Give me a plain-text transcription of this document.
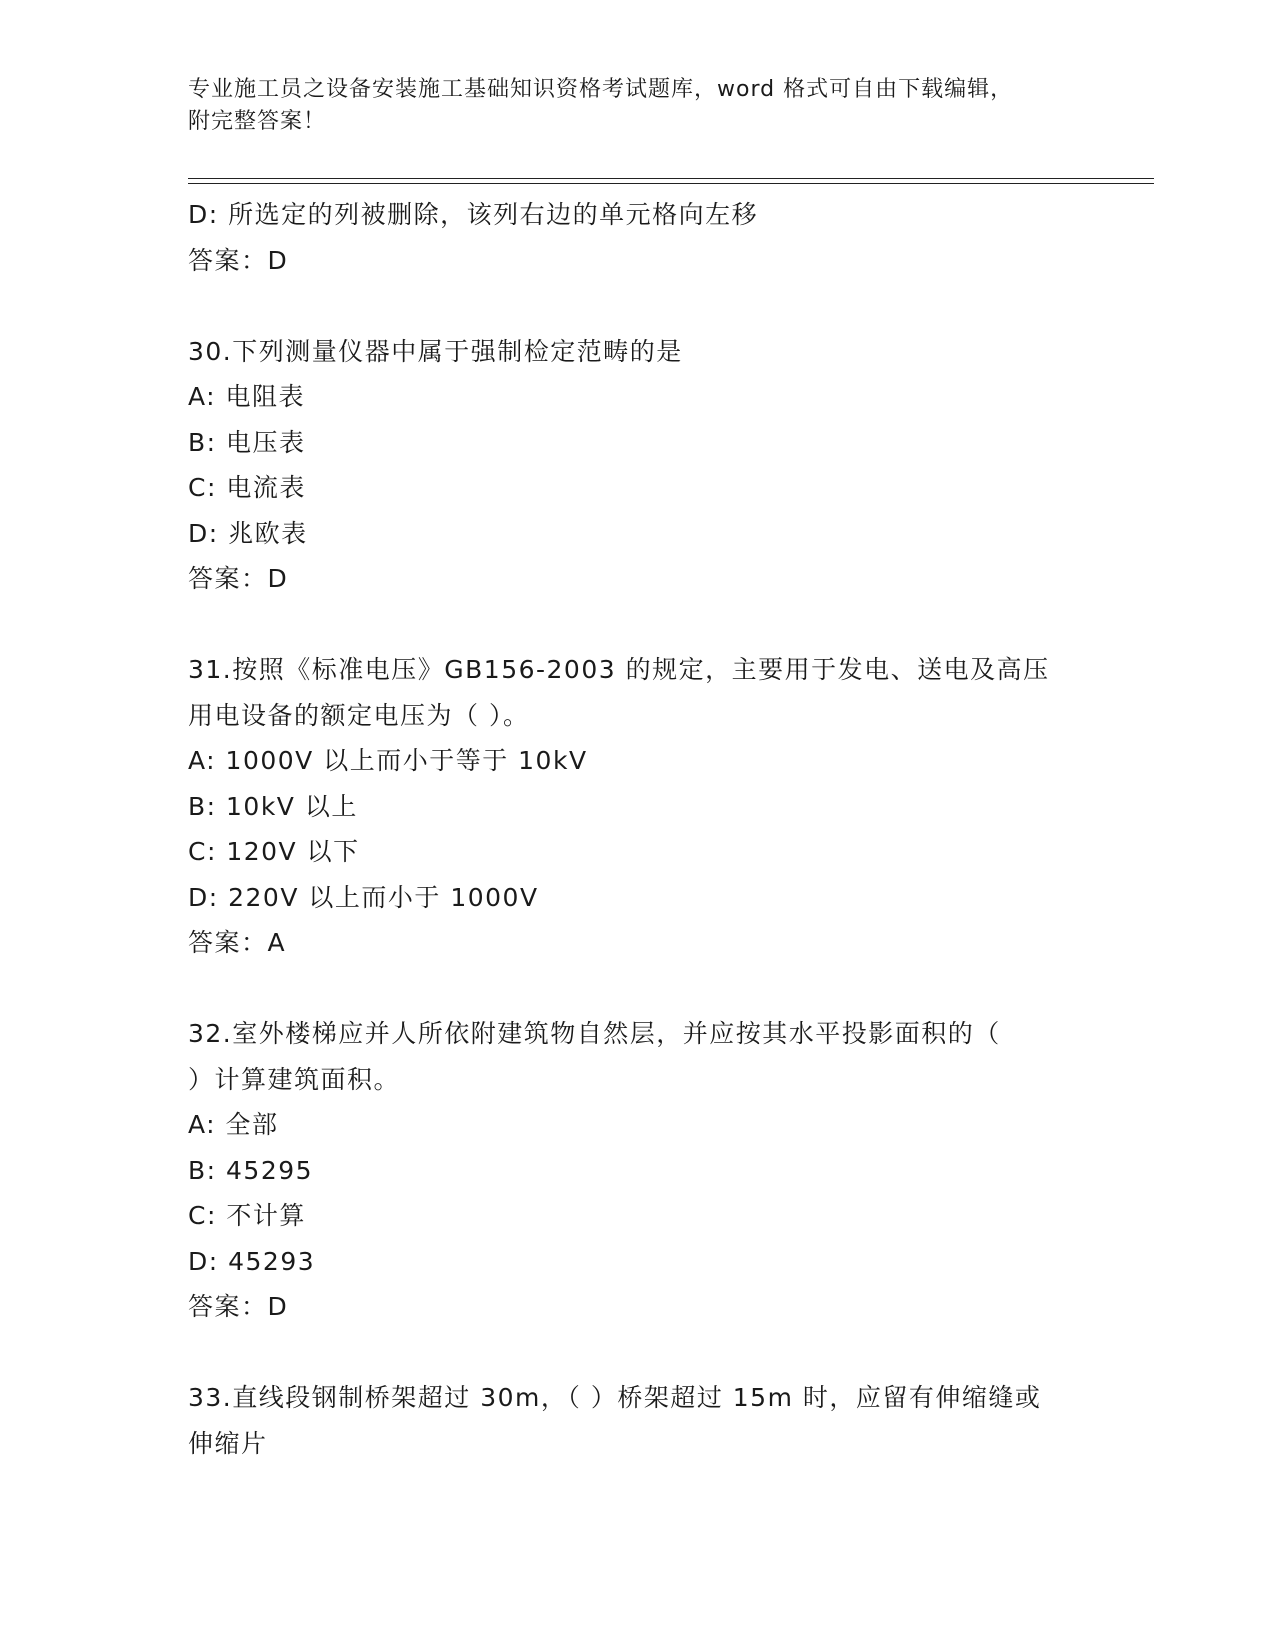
专业施工员之设备安装施工基础知识资格考试题库，word 格式可自由下载编辑，
附完整答案！
D: 所选定的列被删除，该列右边的单元格向左移
答案：D
30.下列测量仪器中属于强制检定范畴的是
A: 电阻表
B: 电压表
C: 电流表
D: 兆欧表
答案：D
31.按照《标准电压》GB156-2003 的规定，主要用于发电、送电及高压
用电设备的额定电压为（ ）。
A: 1000V 以上而小于等于 10kV
B: 10kV 以上
C: 120V 以下
D: 220V 以上而小于 1000V
答案：A
32.室外楼梯应并人所依附建筑物自然层，并应按其水平投影面积的（
）计算建筑面积。
A: 全部
B: 45295
C: 不计算
D: 45293
答案：D
33.直线段钢制桥架超过 30m，（ ）桥架超过 15m 时，应留有伸缩缝或
伸缩片
